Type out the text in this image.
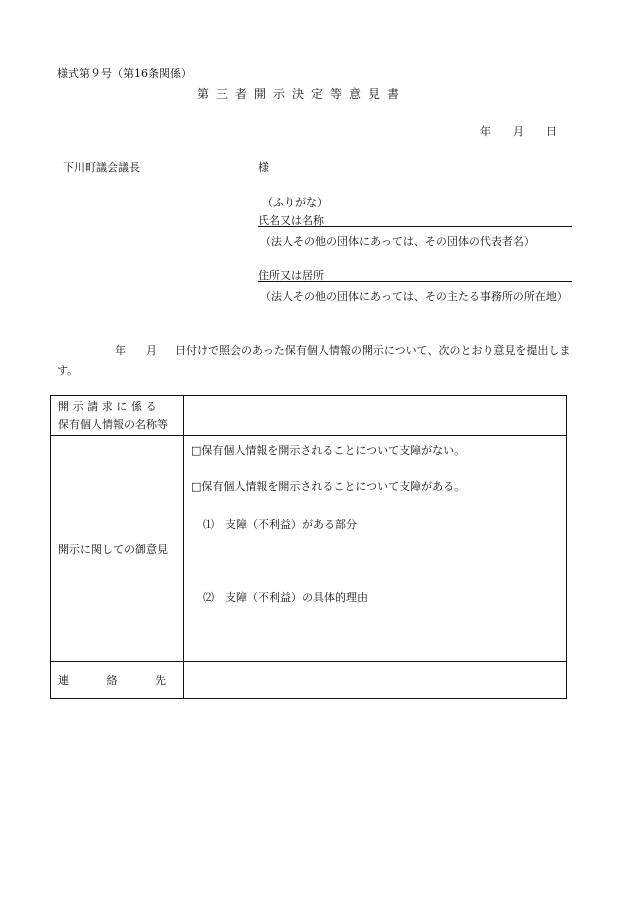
様式第９号（第16条関係）
第三者開示決定等意見書
年 月 日
下川町議会議長	様
（ふりがな）
氏名又は名称
（法人その他の団体にあっては、その団体の代表者名）
住所又は居所
（法人その他の団体にあっては、その主たる事務所の所在地）
年 月 日付けで照会のあった保有個人情報の開示について、次のとおり意見を提出します。
開示請求に係る
保有個人情報の名称等	

開示に関しての御意見	□保有個人情報を開示されることについて支障がない。
□保有個人情報を開示されることについて支障がある。
⑴　支障（不利益）がある部分
⑵　支障（不利益）の具体的理由

連 絡 先	
